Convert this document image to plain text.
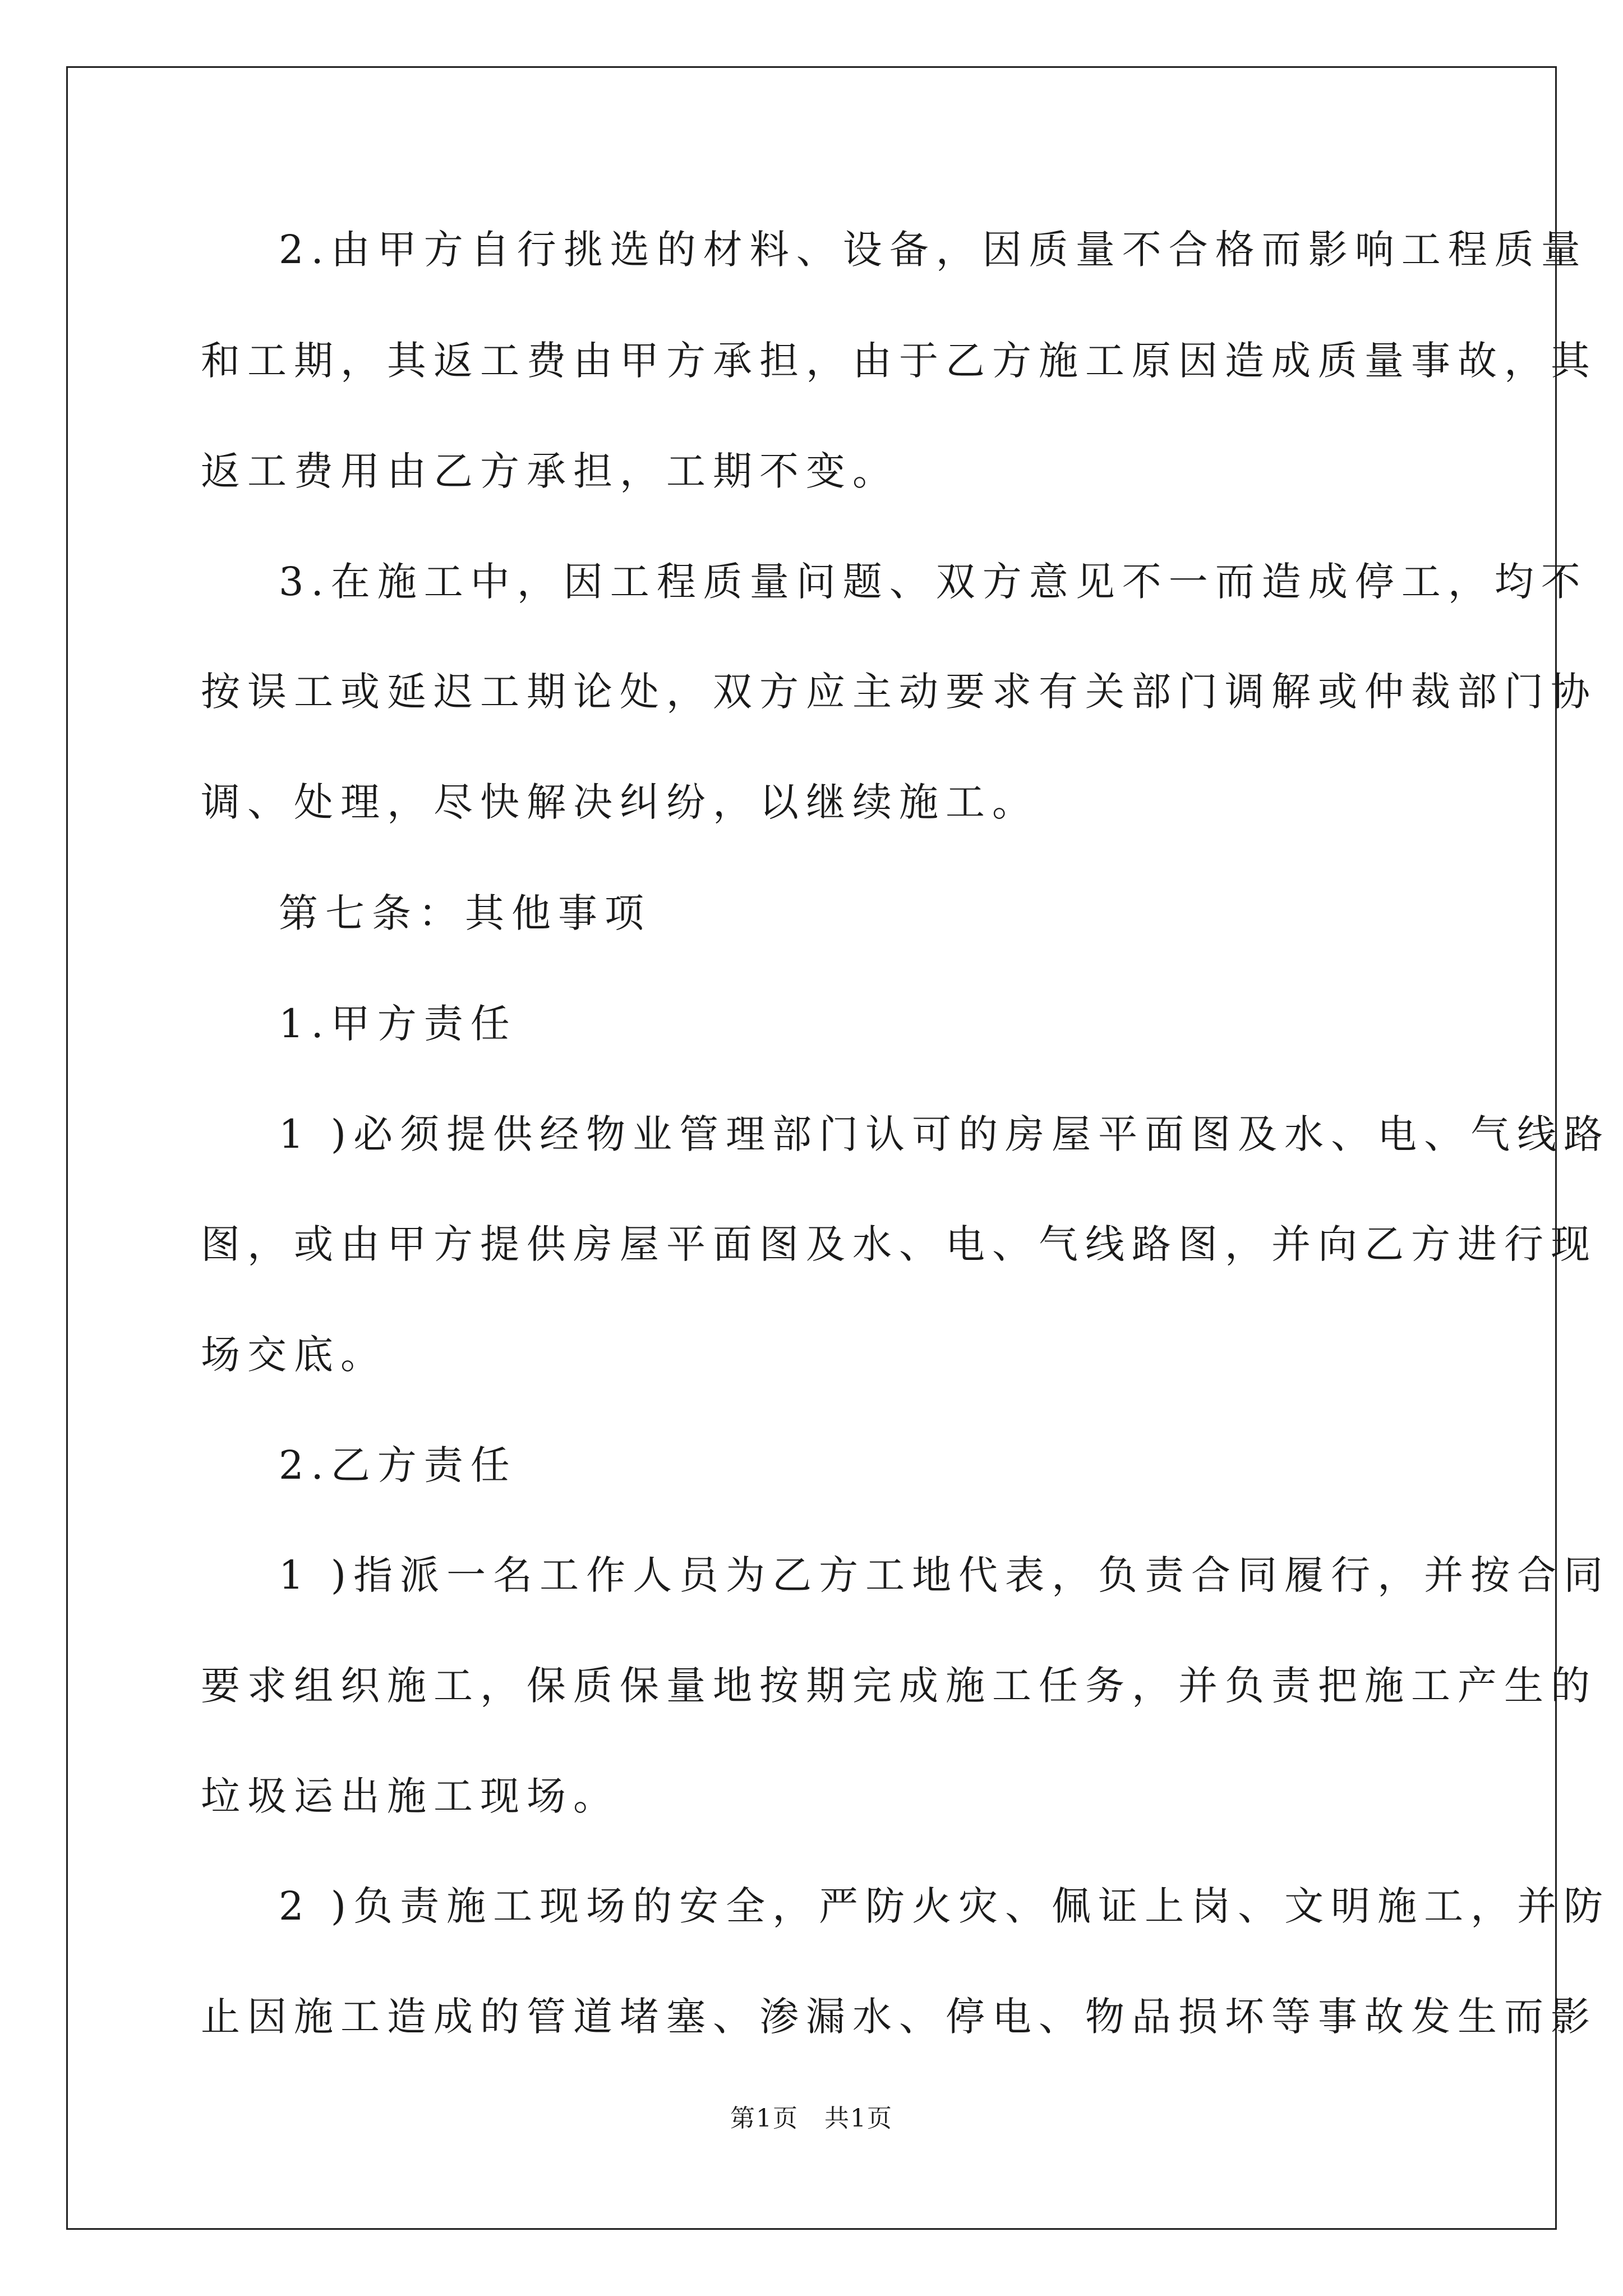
2.由甲方自行挑选的材料、设备，因质量不合格而影响工程质量
和工期，其返工费由甲方承担，由于乙方施工原因造成质量事故，其
返工费用由乙方承担，工期不变。
3.在施工中，因工程质量问题、双方意见不一而造成停工，均不
按误工或延迟工期论处，双方应主动要求有关部门调解或仲裁部门协
调、处理，尽快解决纠纷，以继续施工。
第七条：其他事项
1.甲方责任
1 )必须提供经物业管理部门认可的房屋平面图及水、电、气线路
图，或由甲方提供房屋平面图及水、电、气线路图，并向乙方进行现
场交底。
2.乙方责任
1 )指派一名工作人员为乙方工地代表，负责合同履行，并按合同
要求组织施工，保质保量地按期完成施工任务，并负责把施工产生的
垃圾运出施工现场。
2 )负责施工现场的安全，严防火灾、佩证上岗、文明施工，并防
止因施工造成的管道堵塞、渗漏水、停电、物品损坏等事故发生而影
第1页　共1页
